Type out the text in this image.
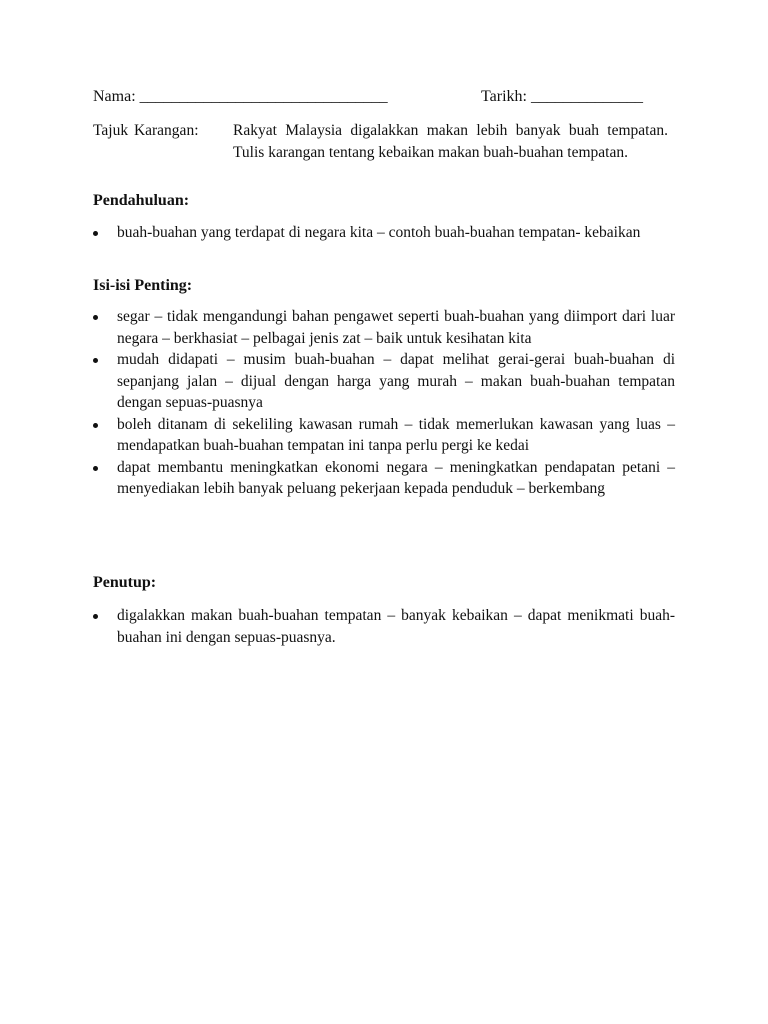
Nama: _______________________________	Tarikh: ______________
Tajuk Karangan: Rakyat Malaysia digalakkan makan lebih banyak buah tempatan. Tulis karangan tentang kebaikan makan buah-buahan tempatan.
Pendahuluan:
buah-buahan yang terdapat di negara kita – contoh buah-buahan tempatan- kebaikan
Isi-isi Penting:
segar – tidak mengandungi bahan pengawet seperti buah-buahan yang diimport dari luar negara – berkhasiat – pelbagai jenis zat – baik untuk kesihatan kita
mudah didapati – musim buah-buahan – dapat melihat gerai-gerai buah-buahan di sepanjang jalan – dijual dengan harga yang murah – makan buah-buahan tempatan dengan sepuas-puasnya
boleh ditanam di sekeliling kawasan rumah – tidak memerlukan kawasan yang luas – mendapatkan buah-buahan tempatan ini tanpa perlu pergi ke kedai
dapat membantu meningkatkan ekonomi negara – meningkatkan pendapatan petani – menyediakan lebih banyak peluang pekerjaan kepada penduduk – berkembang
Penutup:
digalakkan makan buah-buahan tempatan – banyak kebaikan – dapat menikmati buah-buahan ini dengan sepuas-puasnya.
